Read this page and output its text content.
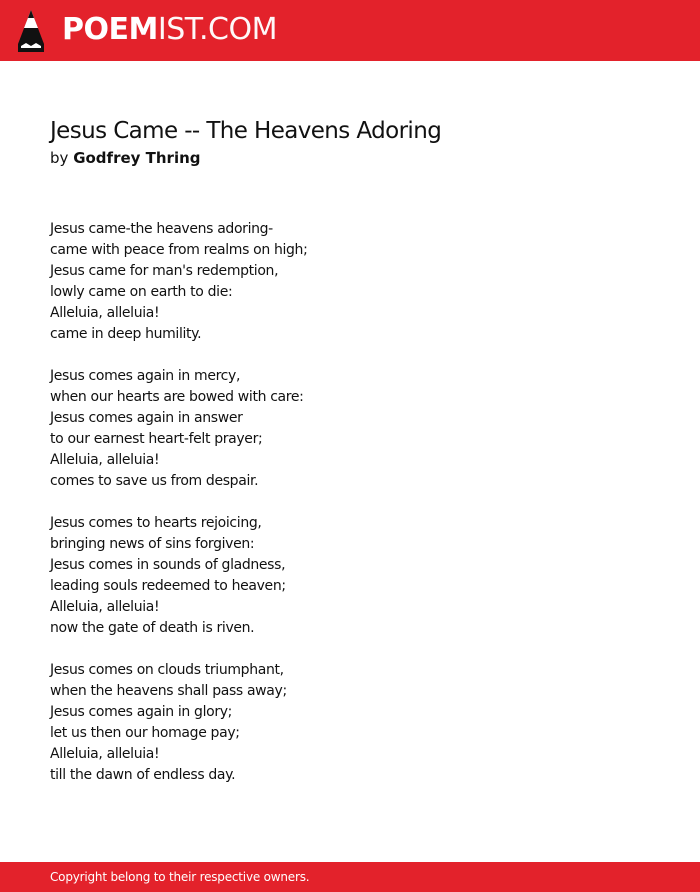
POEMIST.COM
Jesus Came -- The Heavens Adoring
by Godfrey Thring
Jesus came-the heavens adoring-
came with peace from realms on high;
Jesus came for man's redemption,
lowly came on earth to die:
Alleluia, alleluia!
came in deep humility.
Jesus comes again in mercy,
when our hearts are bowed with care:
Jesus comes again in answer
to our earnest heart-felt prayer;
Alleluia, alleluia!
comes to save us from despair.
Jesus comes to hearts rejoicing,
bringing news of sins forgiven:
Jesus comes in sounds of gladness,
leading souls redeemed to heaven;
Alleluia, alleluia!
now the gate of death is riven.
Jesus comes on clouds triumphant,
when the heavens shall pass away;
Jesus comes again in glory;
let us then our homage pay;
Alleluia, alleluia!
till the dawn of endless day.
Copyright belong to their respective owners.
